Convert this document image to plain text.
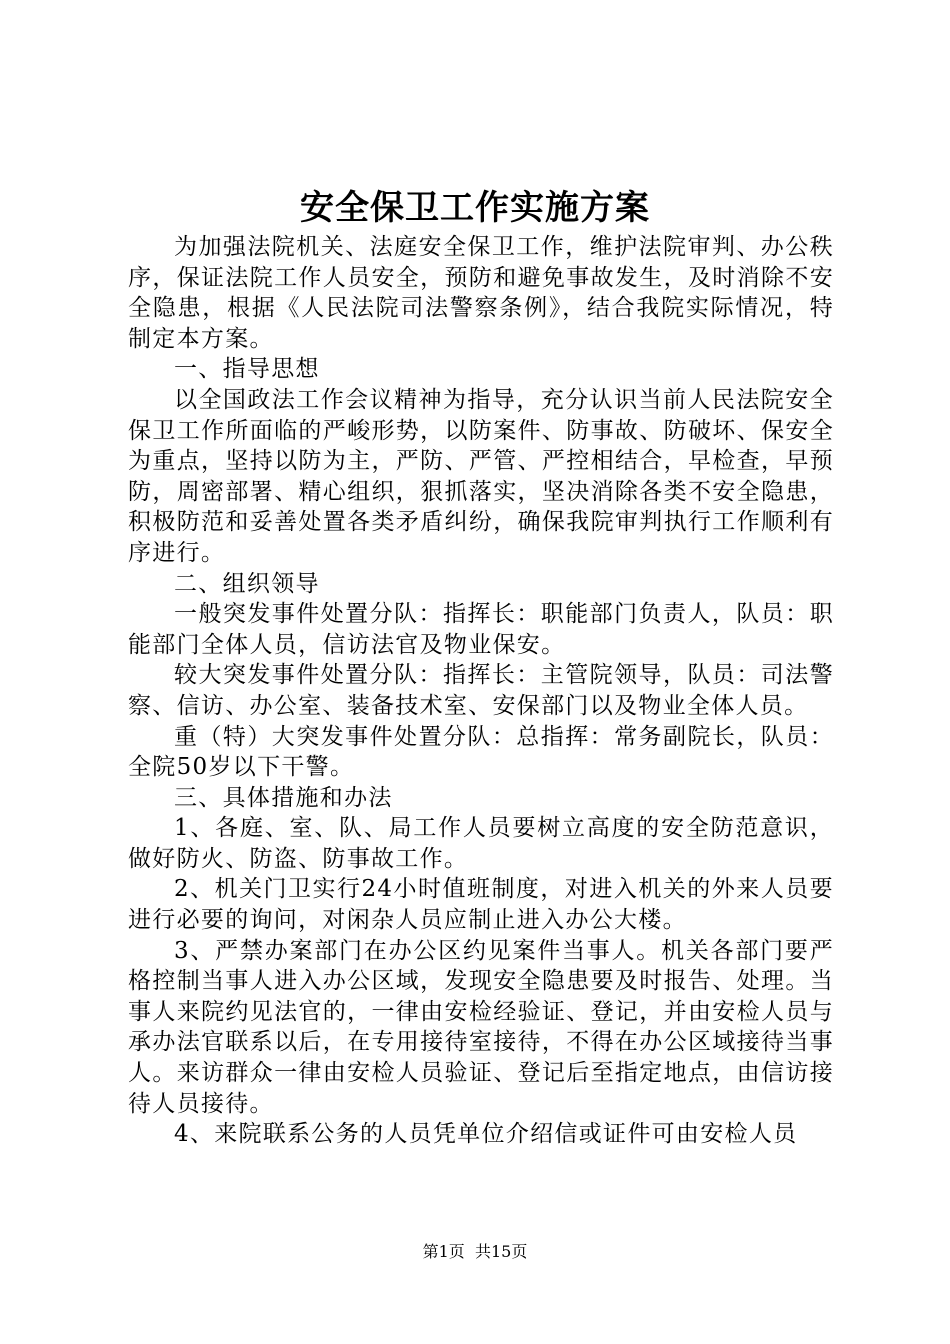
安全保卫工作实施方案

为加强法院机关、法庭安全保卫工作，维护法院审判、办公秩序，保证法院工作人员安全，预防和避免事故发生，及时消除不安全隐患，根据《人民法院司法警察条例》，结合我院实际情况，特制定本方案。

一、指导思想

以全国政法工作会议精神为指导，充分认识当前人民法院安全保卫工作所面临的严峻形势，以防案件、防事故、防破坏、保安全为重点，坚持以防为主，严防、严管、严控相结合，早检查，早预防，周密部署、精心组织，狠抓落实，坚决消除各类不安全隐患，积极防范和妥善处置各类矛盾纠纷，确保我院审判执行工作顺利有序进行。

二、组织领导

一般突发事件处置分队：指挥长：职能部门负责人，队员：职能部门全体人员，信访法官及物业保安。

较大突发事件处置分队：指挥长：主管院领导，队员：司法警察、信访、办公室、装备技术室、安保部门以及物业全体人员。

重（特）大突发事件处置分队：总指挥：常务副院长，队员：全院50岁以下干警。

三、具体措施和办法

1、各庭、室、队、局工作人员要树立高度的安全防范意识，做好防火、防盗、防事故工作。

2、机关门卫实行24小时值班制度，对进入机关的外来人员要进行必要的询问，对闲杂人员应制止进入办公大楼。

3、严禁办案部门在办公区约见案件当事人。机关各部门要严格控制当事人进入办公区域，发现安全隐患要及时报告、处理。当事人来院约见法官的，一律由安检经验证、登记，并由安检人员与承办法官联系以后，在专用接待室接待，不得在办公区域接待当事人。来访群众一律由安检人员验证、登记后至指定地点，由信访接待人员接待。

4、来院联系公务的人员凭单位介绍信或证件可由安检人员

第1页 共15页
